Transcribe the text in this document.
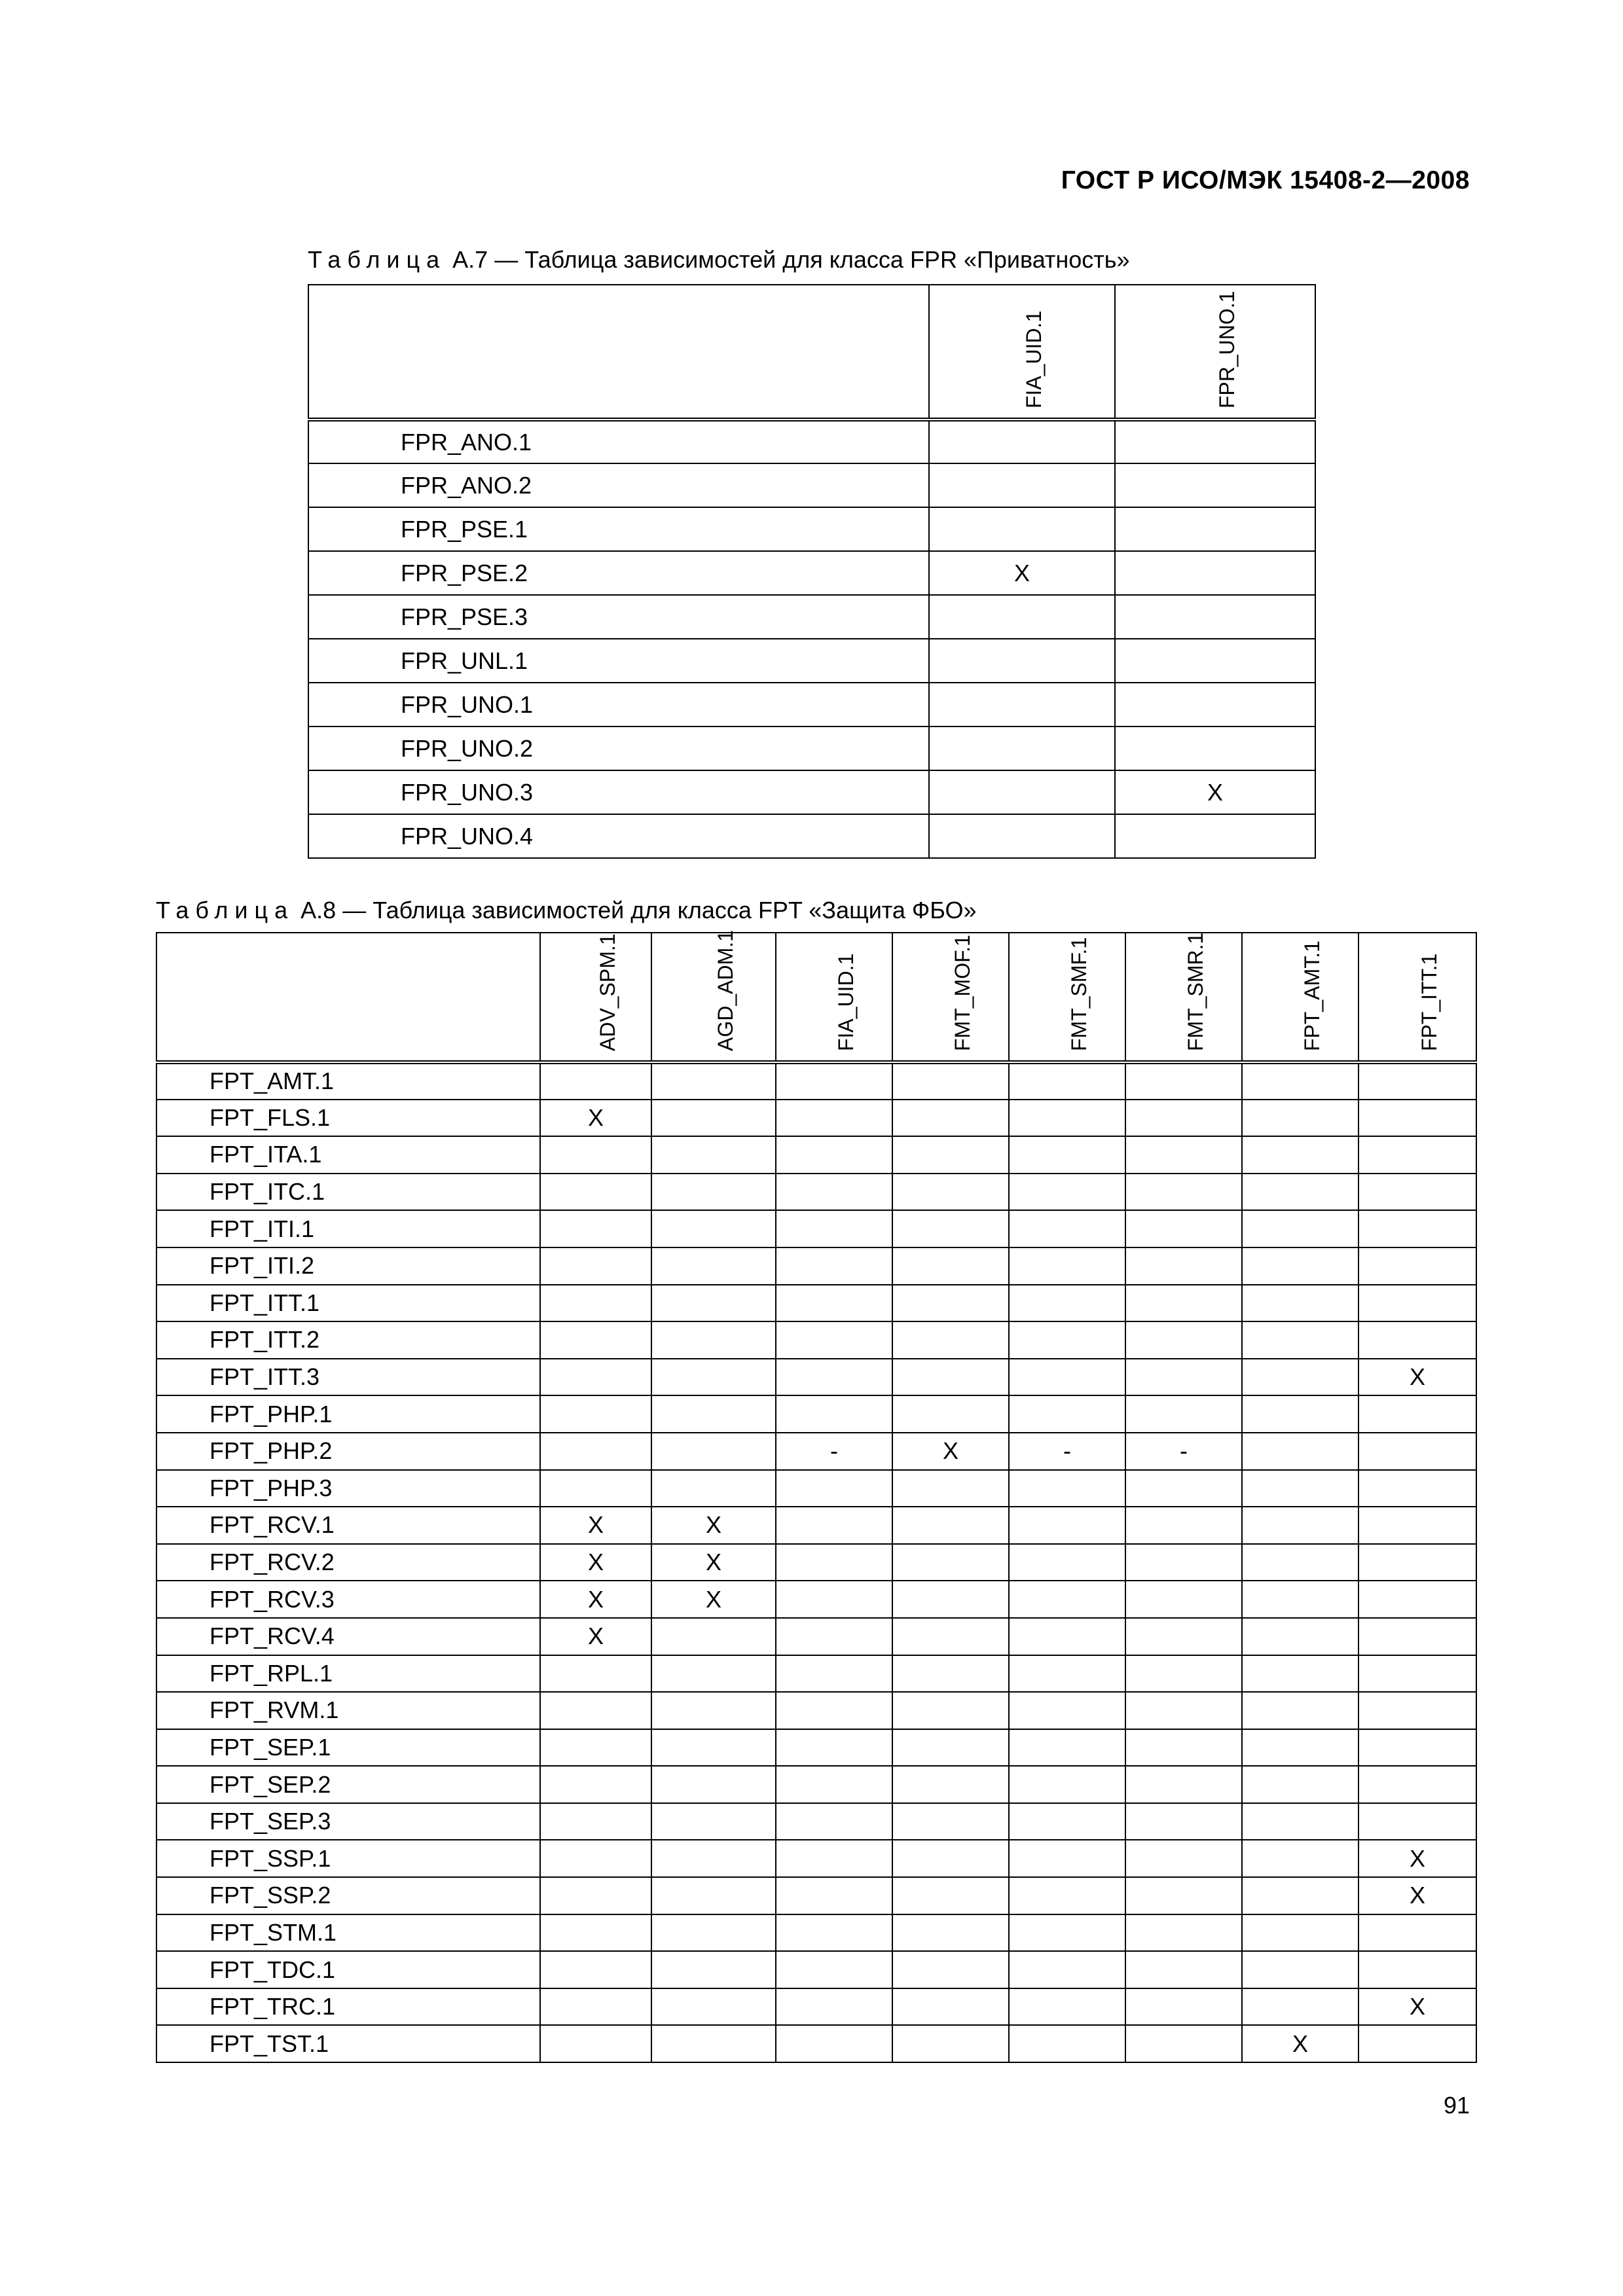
ГОСТ Р ИСО/МЭК 15408-2—2008
Таблица А.7 — Таблица зависимостей для класса FPR «Приватность»

	FIA_UID.1	FPR_UNO.1

FPR_ANO.1		
FPR_ANO.2		
FPR_PSE.1		
FPR_PSE.2	X	
FPR_PSE.3		
FPR_UNL.1		
FPR_UNO.1		
FPR_UNO.2		
FPR_UNO.3		X
FPR_UNO.4		
Таблица А.8 — Таблица зависимостей для класса FPT «Защита ФБО»

	ADV_SPM.1	AGD_ADM.1	FIA_UID.1	FMT_MOF.1	FMT_SMF.1	FMT_SMR.1	FPT_AMT.1	FPT_ITT.1

FPT_AMT.1								
FPT_FLS.1	X							
FPT_ITA.1								
FPT_ITC.1								
FPT_ITI.1								
FPT_ITI.2								
FPT_ITT.1								
FPT_ITT.2								
FPT_ITT.3								X
FPT_PHP.1								
FPT_PHP.2			-	X	-	-		
FPT_PHP.3								
FPT_RCV.1	X	X						
FPT_RCV.2	X	X						
FPT_RCV.3	X	X						
FPT_RCV.4	X							
FPT_RPL.1								
FPT_RVM.1								
FPT_SEP.1								
FPT_SEP.2								
FPT_SEP.3								
FPT_SSP.1								X
FPT_SSP.2								X
FPT_STM.1								
FPT_TDC.1								
FPT_TRC.1								X
FPT_TST.1							X	
91
